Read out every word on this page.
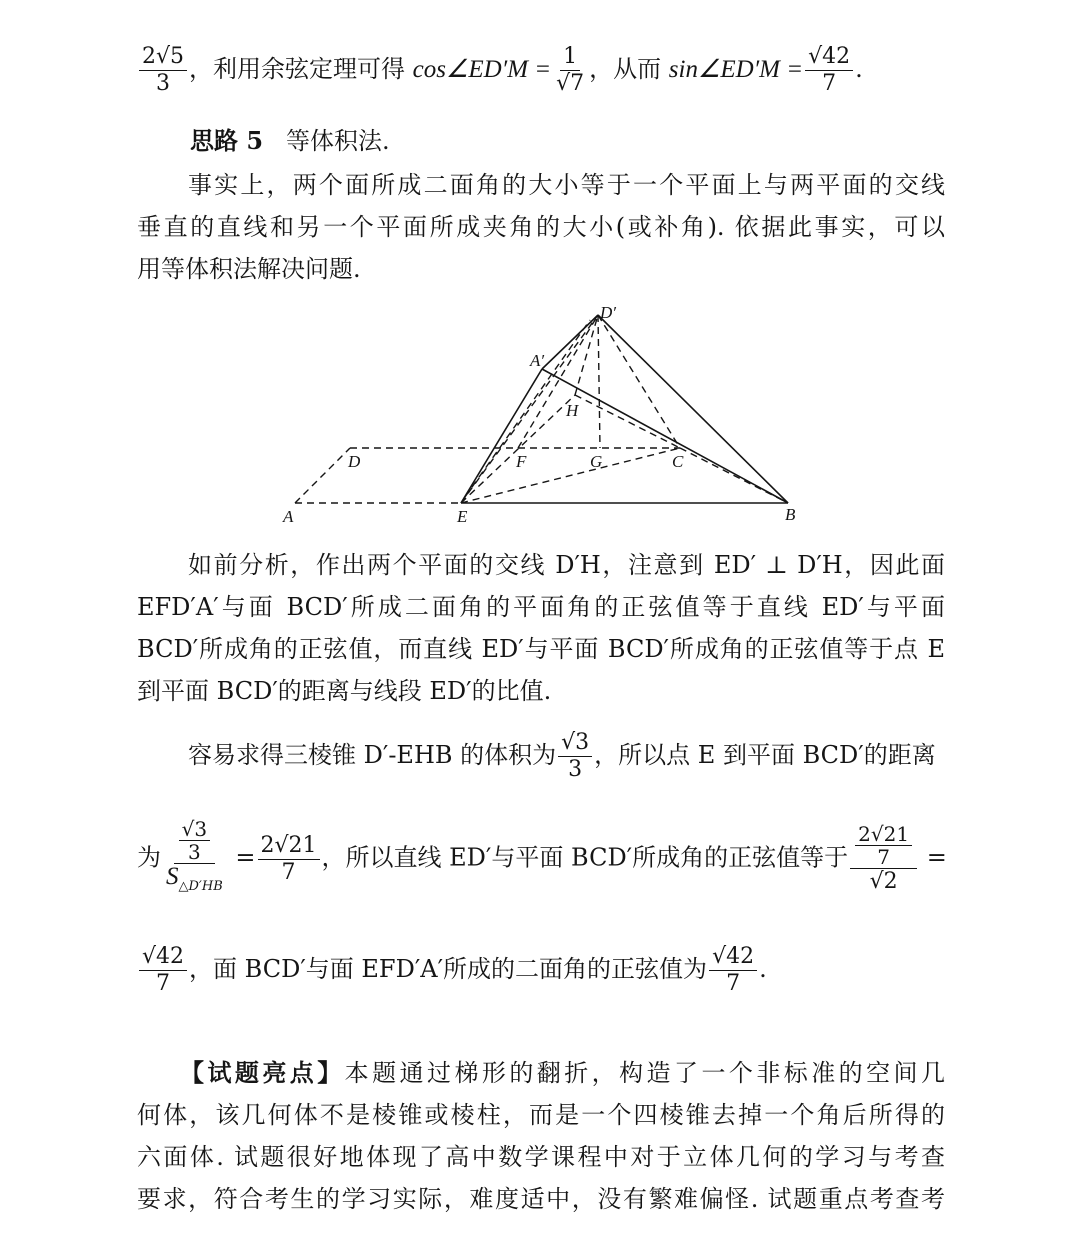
$\frac{2√5}{3}$ ，利用余弦定理可得 cos∠ED′M = $\frac{1}{√7}$ ，从而 sin∠ED′M = $\frac{√42}{7}$ .
思路 5 等体积法.
事实上，两个面所成二面角的大小等于一个平面上与两平面的交线
垂直的直线和另一个平面所成夹角的大小(或补角). 依据此事实，可以
用等体积法解决问题.
D′
A′
H
D	F	G	C
A	E	B
如前分析，作出两个平面的交线 D′H，注意到 ED′ ⊥ D′H，因此面
EFD′A′与面 BCD′所成二面角的平面角的正弦值等于直线 ED′与平面
BCD′所成角的正弦值，而直线 ED′与平面 BCD′所成角的正弦值等于点 E
到平面 BCD′的距离与线段 ED′的比值.
容易求得三棱锥 D′-EHB 的体积为 $\frac{√3}{3}$ ，所以点 E 到平面 BCD′的距离
为 $\frac{\frac{√3}{3}}{S_{\triangle D'HB}} = \frac{2√21}{7}$ ，所以直线 ED′与平面 BCD′所成角的正弦值等于 $\frac{\frac{2√21}{7}}{√2}$ =
$\frac{√42}{7}$ ，面 BCD′与面 EFD′A′所成的二面角的正弦值为 $\frac{√42}{7}$ .
【试题亮点】本题通过梯形的翻折，构造了一个非标准的空间几
何体，该几何体不是棱锥或棱柱，而是一个四棱锥去掉一个角后所得的
六面体. 试题很好地体现了高中数学课程中对于立体几何的学习与考查
要求，符合考生的学习实际，难度适中，没有繁难偏怪. 试题重点考查考
